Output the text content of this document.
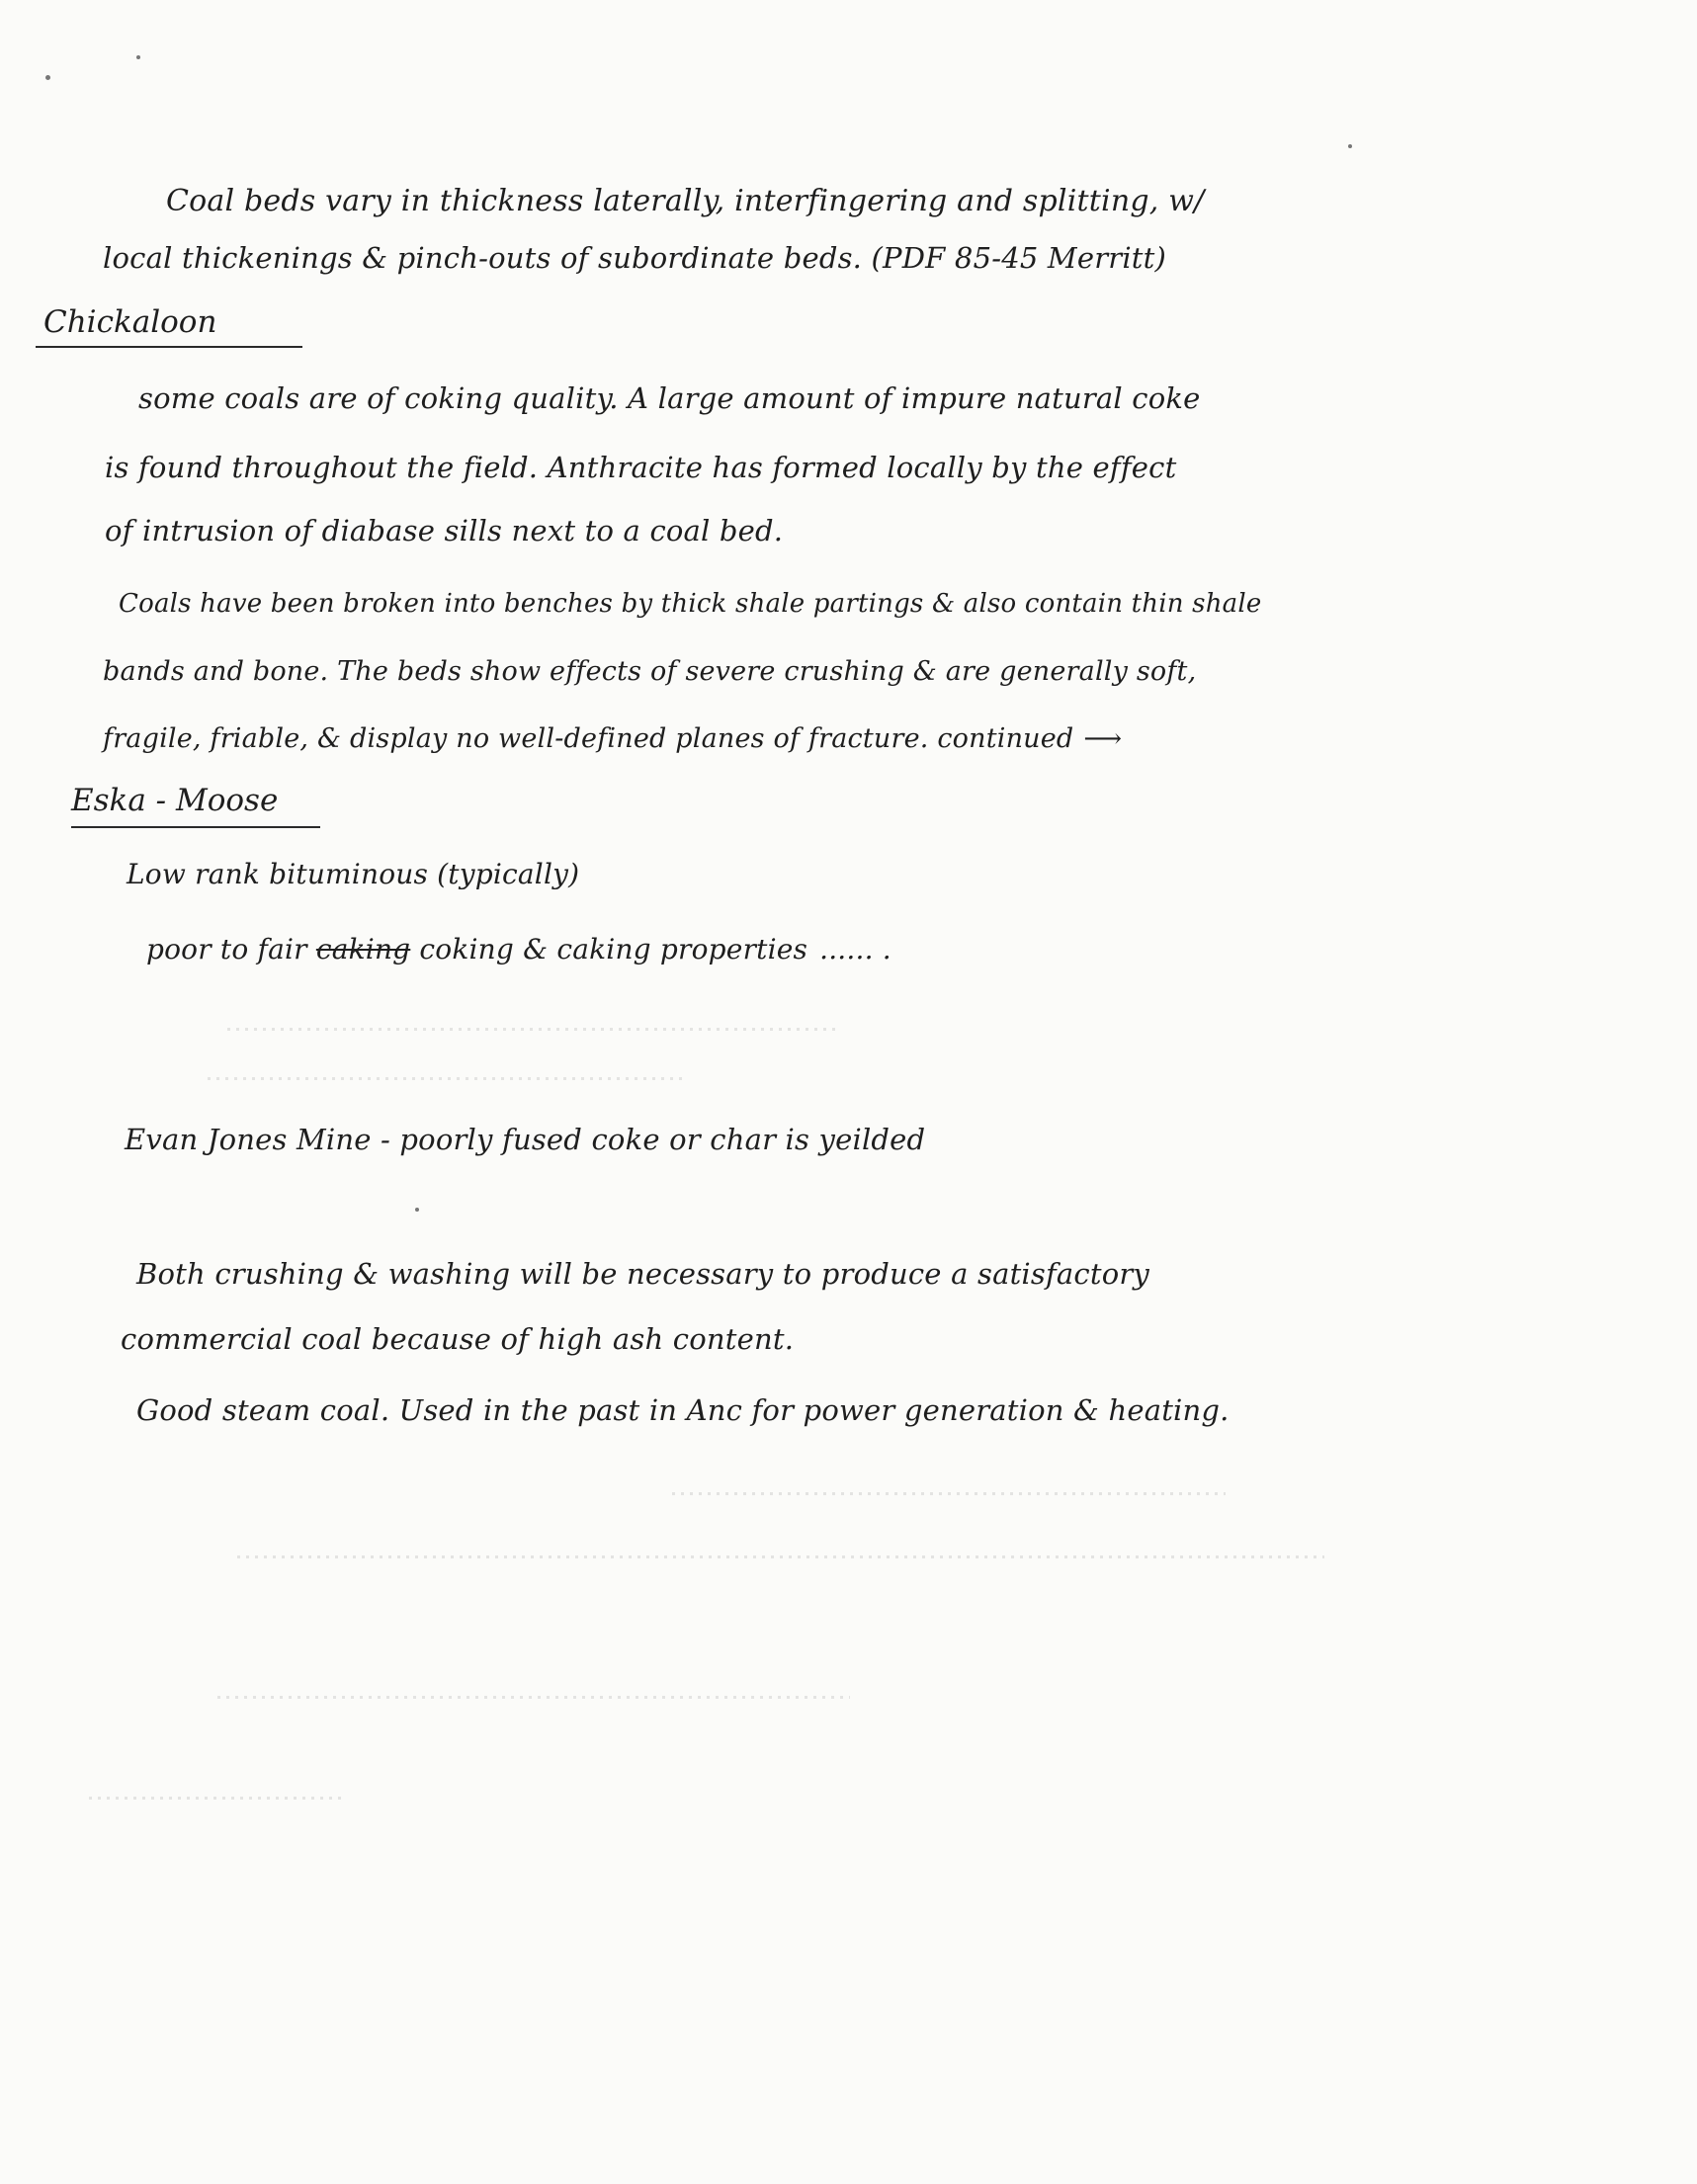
Coal beds vary in thickness laterally, interfingering and splitting, w/
local thickenings & pinch-outs of subordinate beds. (PDF 85-45 Merritt)
Chickaloon
some coals are of coking quality. A large amount of impure natural coke
is found throughout the field. Anthracite has formed locally by the effect
of intrusion of diabase sills next to a coal bed.
Coals have been broken into benches by thick shale partings & also contain thin shale
bands and bone. The beds show effects of severe crushing & are generally soft,
fragile, friable, & display no well-defined planes of fracture. continued ⟶
Eska - Moose
Low rank bituminous (typically)
poor to fair caking coking & caking properties ...... .
Evan Jones Mine - poorly fused coke or char is yeilded
Both crushing & washing will be necessary to produce a satisfactory
commercial coal because of high ash content.
Good steam coal. Used in the past in Anc for power generation & heating.
